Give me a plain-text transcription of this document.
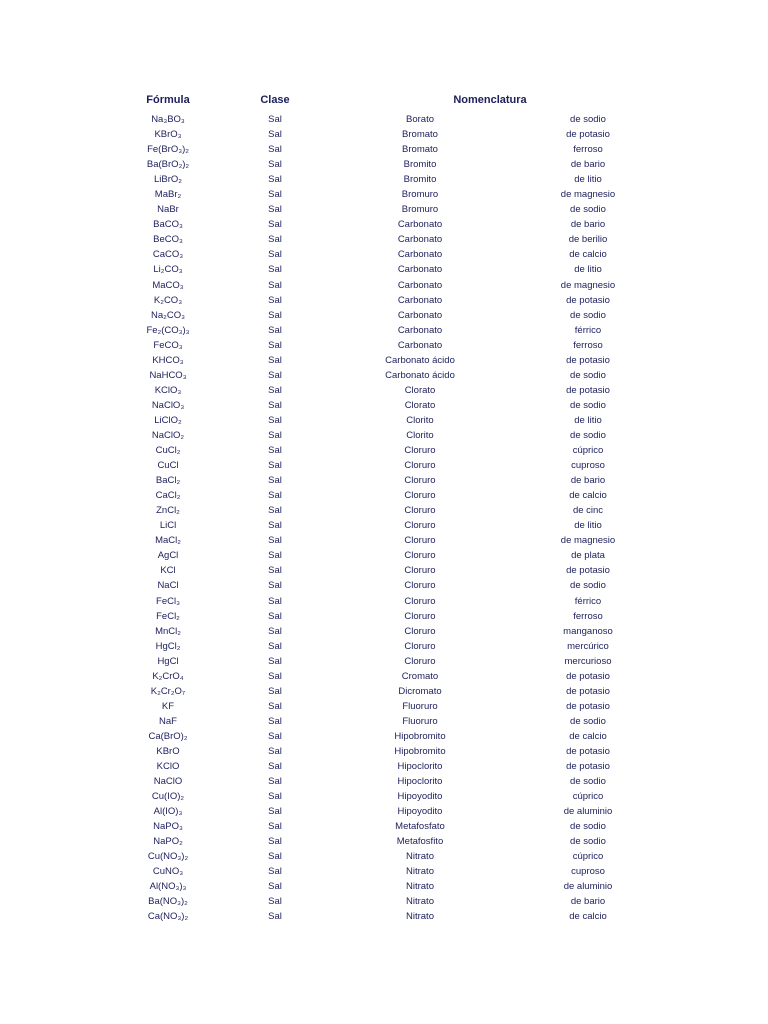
Fórmula	Clase	Nomenclatura
Na₃BO₃	Sal	Borato	de sodio
KBrO₃	Sal	Bromato	de potasio
Fe(BrO₃)₂	Sal	Bromato	ferroso
Ba(BrO₂)₂	Sal	Bromito	de bario
LiBrO₂	Sal	Bromito	de litio
MaBr₂	Sal	Bromuro	de magnesio
NaBr	Sal	Bromuro	de sodio
BaCO₃	Sal	Carbonato	de bario
BeCO₃	Sal	Carbonato	de berilio
CaCO₃	Sal	Carbonato	de calcio
Li₂CO₃	Sal	Carbonato	de litio
MaCO₃	Sal	Carbonato	de magnesio
K₂CO₃	Sal	Carbonato	de potasio
Na₂CO₃	Sal	Carbonato	de sodio
Fe₂(CO₃)₃	Sal	Carbonato	férrico
FeCO₃	Sal	Carbonato	ferroso
KHCO₃	Sal	Carbonato ácido	de potasio
NaHCO₃	Sal	Carbonato ácido	de sodio
KClO₃	Sal	Clorato	de potasio
NaClO₃	Sal	Clorato	de sodio
LiClO₂	Sal	Clorito	de litio
NaClO₂	Sal	Clorito	de sodio
CuCl₂	Sal	Cloruro	cúprico
CuCl	Sal	Cloruro	cuproso
BaCl₂	Sal	Cloruro	de bario
CaCl₂	Sal	Cloruro	de calcio
ZnCl₂	Sal	Cloruro	de cinc
LiCl	Sal	Cloruro	de litio
MaCl₂	Sal	Cloruro	de magnesio
AgCl	Sal	Cloruro	de plata
KCl	Sal	Cloruro	de potasio
NaCl	Sal	Cloruro	de sodio
FeCl₃	Sal	Cloruro	férrico
FeCl₂	Sal	Cloruro	ferroso
MnCl₂	Sal	Cloruro	manganoso
HgCl₂	Sal	Cloruro	mercúrico
HgCl	Sal	Cloruro	mercurioso
K₂CrO₄	Sal	Cromato	de potasio
K₂Cr₂O₇	Sal	Dicromato	de potasio
KF	Sal	Fluoruro	de potasio
NaF	Sal	Fluoruro	de sodio
Ca(BrO)₂	Sal	Hipobromito	de calcio
KBrO	Sal	Hipobromito	de potasio
KClO	Sal	Hipoclorito	de potasio
NaClO	Sal	Hipoclorito	de sodio
Cu(IO)₂	Sal	Hipoyodito	cúprico
Al(IO)₃	Sal	Hipoyodito	de aluminio
NaPO₃	Sal	Metafosfato	de sodio
NaPO₂	Sal	Metafosfito	de sodio
Cu(NO₃)₂	Sal	Nitrato	cúprico
CuNO₃	Sal	Nitrato	cuproso
Al(NO₃)₃	Sal	Nitrato	de aluminio
Ba(NO₃)₂	Sal	Nitrato	de bario
Ca(NO₃)₂	Sal	Nitrato	de calcio
